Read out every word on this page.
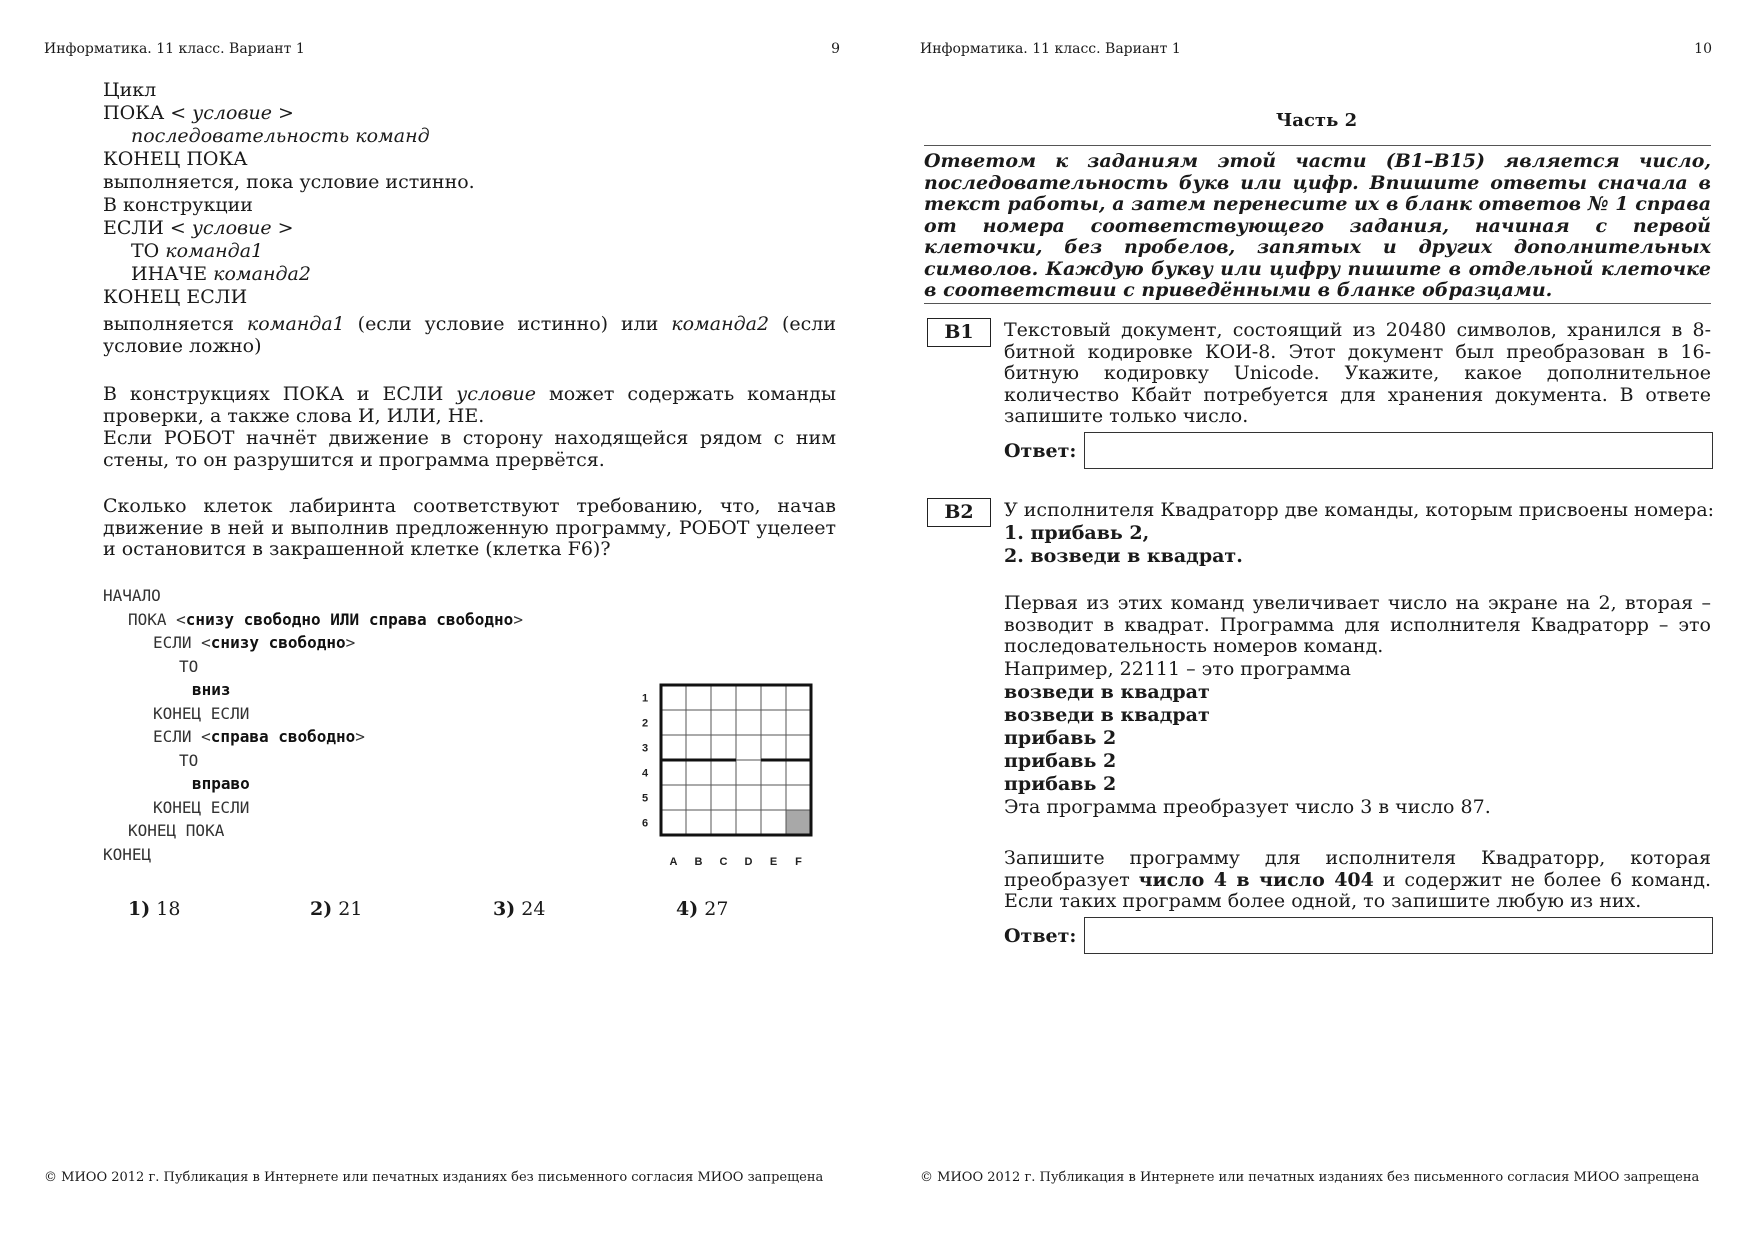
Информатика. 11 класс. Вариант 1	9
Цикл
ПОКА < условие >
последовательность команд
КОНЕЦ ПОКА
выполняется, пока условие истинно.
В конструкции
ЕСЛИ < условие >
ТО команда1
ИНАЧЕ команда2
КОНЕЦ ЕСЛИ
выполняется команда1 (если условие истинно) или команда2 (если условие ложно)
В конструкциях ПОКА и ЕСЛИ условие может содержать команды проверки, а также слова И, ИЛИ, НЕ.
Если РОБОТ начнёт движение в сторону находящейся рядом с ним стены, то он разрушится и программа прервётся.
Сколько клеток лабиринта соответствуют требованию, что, начав движение в ней и выполнив предложенную программу, РОБОТ уцелеет и остановится в закрашенной клетке (клетка F6)?
НАЧАЛО
ПОКА <снизу свободно ИЛИ справа свободно>
ЕСЛИ <снизу свободно>
ТО
вниз
КОНЕЦ ЕСЛИ
ЕСЛИ <справа свободно>
ТО
вправо
КОНЕЦ ЕСЛИ
КОНЕЦ ПОКА
КОНЕЦ
1
2
3
4
5
6
A B C D E F
1) 18	2) 21	3) 24	4) 27
© МИОО 2012 г. Публикация в Интернете или печатных изданиях без письменного согласия МИОО запрещена
Информатика. 11 класс. Вариант 1	10
Часть 2
Ответом к заданиям этой части (B1–B15) является число, последовательность букв или цифр. Впишите ответы сначала в текст работы, а затем перенесите их в бланк ответов № 1 справа от номера соответствующего задания, начиная с первой клеточки, без пробелов, запятых и других дополнительных символов. Каждую букву или цифру пишите в отдельной клеточке в соответствии с приведёнными в бланке образцами.
B1	Текстовый документ, состоящий из 20480 символов, хранился в 8-битной кодировке КОИ-8. Этот документ был преобразован в 16-битную кодировку Unicode. Укажите, какое дополнительное количество Кбайт потребуется для хранения документа. В ответе запишите только число.
Ответ:
B2	У исполнителя Квадраторр две команды, которым присвоены номера:
1. прибавь 2,
2. возведи в квадрат.
Первая из этих команд увеличивает число на экране на 2, вторая – возводит в квадрат. Программа для исполнителя Квадраторр – это последовательность номеров команд.
Например, 22111 – это программа
возведи в квадрат
возведи в квадрат
прибавь 2
прибавь 2
прибавь 2
Эта программа преобразует число 3 в число 87.
Запишите программу для исполнителя Квадраторр, которая преобразует число 4 в число 404 и содержит не более 6 команд. Если таких программ более одной, то запишите любую из них.
Ответ:
© МИОО 2012 г. Публикация в Интернете или печатных изданиях без письменного согласия МИОО запрещена
